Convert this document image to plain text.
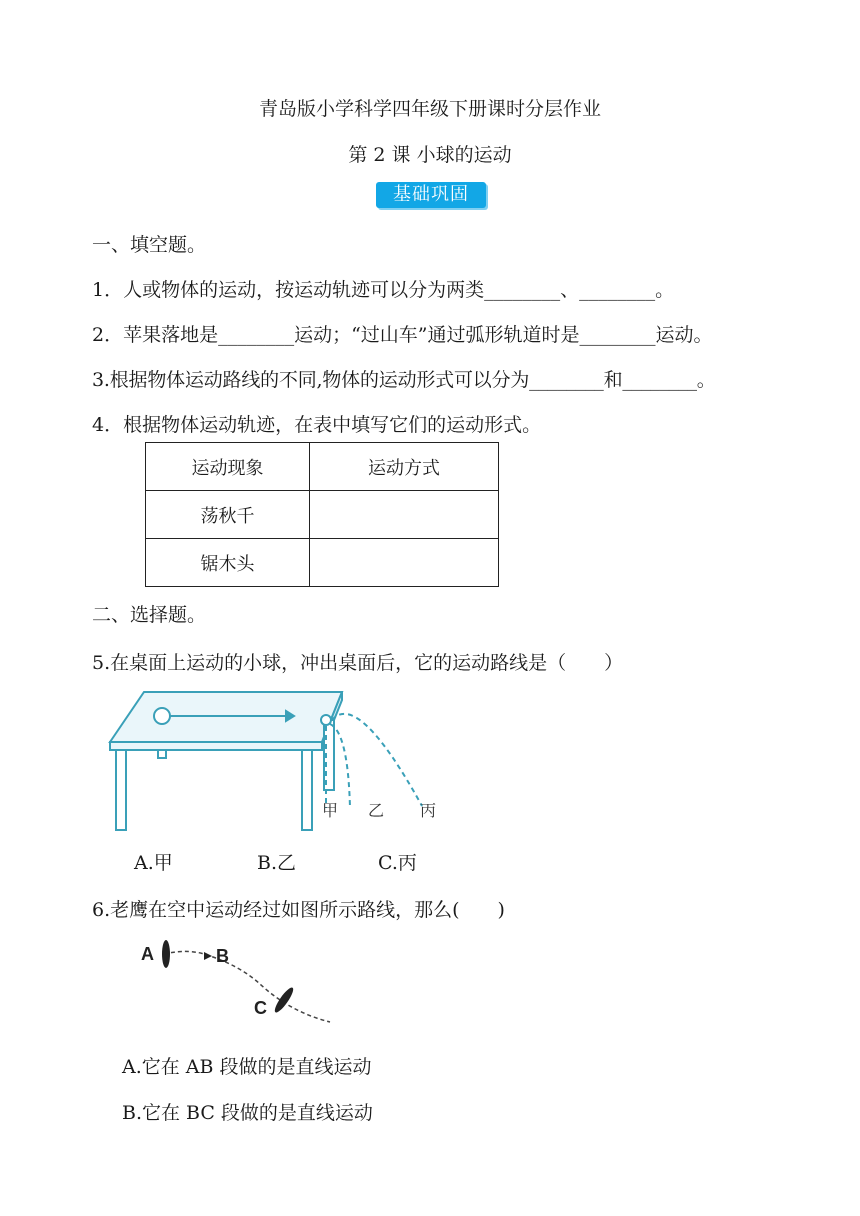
青岛版小学科学四年级下册课时分层作业
第 2 课 小球的运动
基础巩固
一、填空题。
1．人或物体的运动，按运动轨迹可以分为两类________、________。
2．苹果落地是________运动；“过山车”通过弧形轨道时是________运动。
3.根据物体运动路线的不同,物体的运动形式可以分为________和________。
4．根据物体运动轨迹，在表中填写它们的运动形式。
运动现象	运动方式
荡秋千	
锯木头	
二、选择题。
5.在桌面上运动的小球，冲出桌面后，它的运动路线是（　　）
甲 乙 丙
A.甲	B.乙	C.丙
6.老鹰在空中运动经过如图所示路线，那么(　　)
A	B
C
A.它在 AB 段做的是直线运动
B.它在 BC 段做的是直线运动
